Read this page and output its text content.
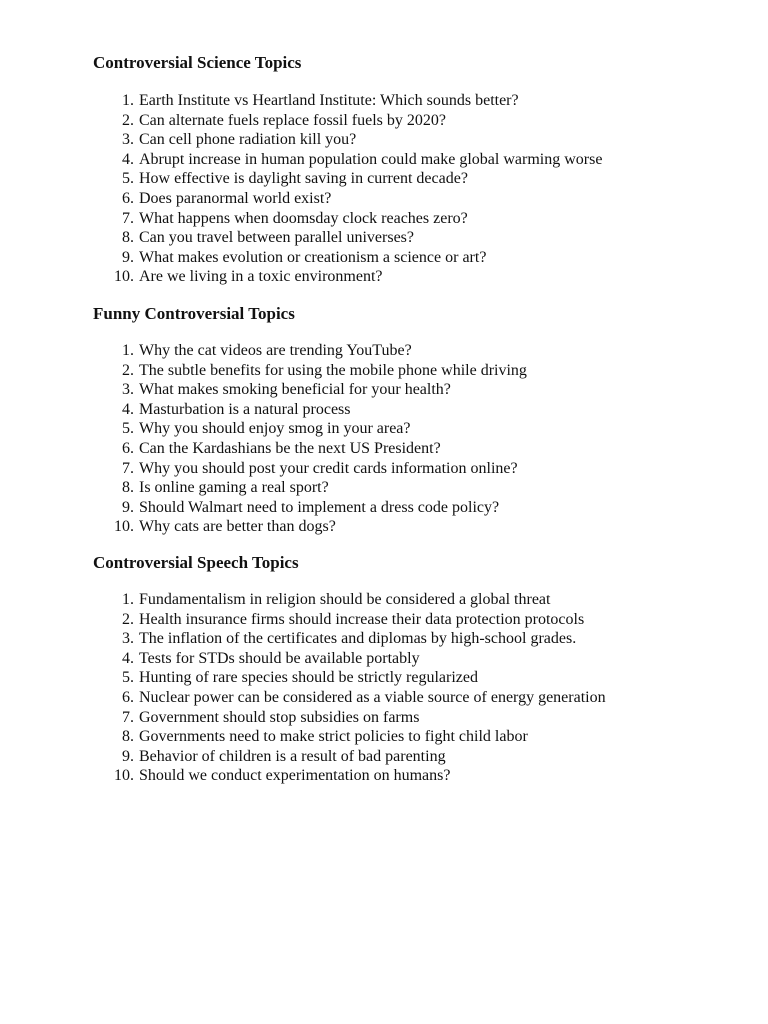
Controversial Science Topics
1. Earth Institute vs Heartland Institute: Which sounds better?
2. Can alternate fuels replace fossil fuels by 2020?
3. Can cell phone radiation kill you?
4. Abrupt increase in human population could make global warming worse
5. How effective is daylight saving in current decade?
6. Does paranormal world exist?
7. What happens when doomsday clock reaches zero?
8. Can you travel between parallel universes?
9. What makes evolution or creationism a science or art?
10. Are we living in a toxic environment?
Funny Controversial Topics
1. Why the cat videos are trending YouTube?
2. The subtle benefits for using the mobile phone while driving
3. What makes smoking beneficial for your health?
4. Masturbation is a natural process
5. Why you should enjoy smog in your area?
6. Can the Kardashians be the next US President?
7. Why you should post your credit cards information online?
8. Is online gaming a real sport?
9. Should Walmart need to implement a dress code policy?
10. Why cats are better than dogs?
Controversial Speech Topics
1. Fundamentalism in religion should be considered a global threat
2. Health insurance firms should increase their data protection protocols
3. The inflation of the certificates and diplomas by high-school grades.
4. Tests for STDs should be available portably
5. Hunting of rare species should be strictly regularized
6. Nuclear power can be considered as a viable source of energy generation
7. Government should stop subsidies on farms
8. Governments need to make strict policies to fight child labor
9. Behavior of children is a result of bad parenting
10. Should we conduct experimentation on humans?
